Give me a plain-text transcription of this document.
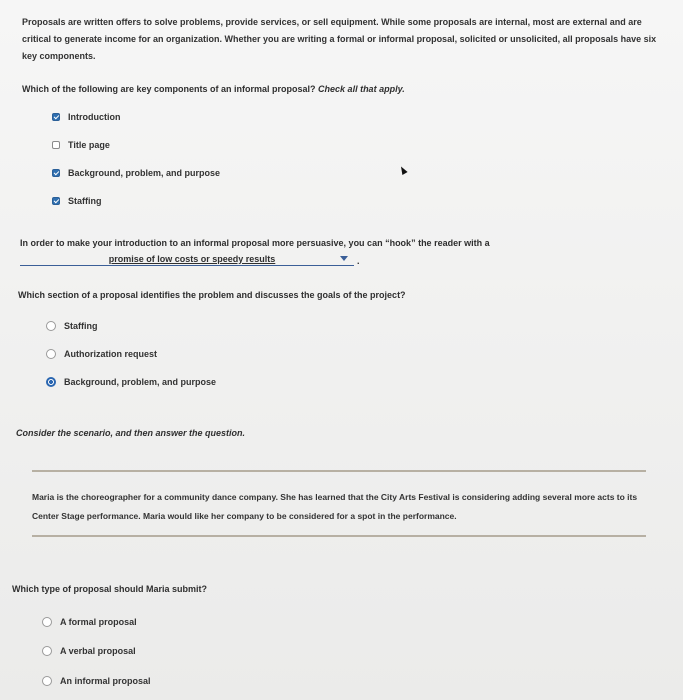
Proposals are written offers to solve problems, provide services, or sell equipment. While some proposals are internal, most are external and are critical to generate income for an organization. Whether you are writing a formal or informal proposal, solicited or unsolicited, all proposals have six key components.
Which of the following are key components of an informal proposal? Check all that apply.
Introduction
Title page
Background, problem, and purpose
Staffing
In order to make your introduction to an informal proposal more persuasive, you can “hook” the reader with a
promise of low costs or speedy results	.
Which section of a proposal identifies the problem and discusses the goals of the project?
Staffing
Authorization request
Background, problem, and purpose
Consider the scenario, and then answer the question.
Maria is the choreographer for a community dance company. She has learned that the City Arts Festival is considering adding several more acts to its Center Stage performance. Maria would like her company to be considered for a spot in the performance.
Which type of proposal should Maria submit?
A formal proposal
A verbal proposal
An informal proposal
